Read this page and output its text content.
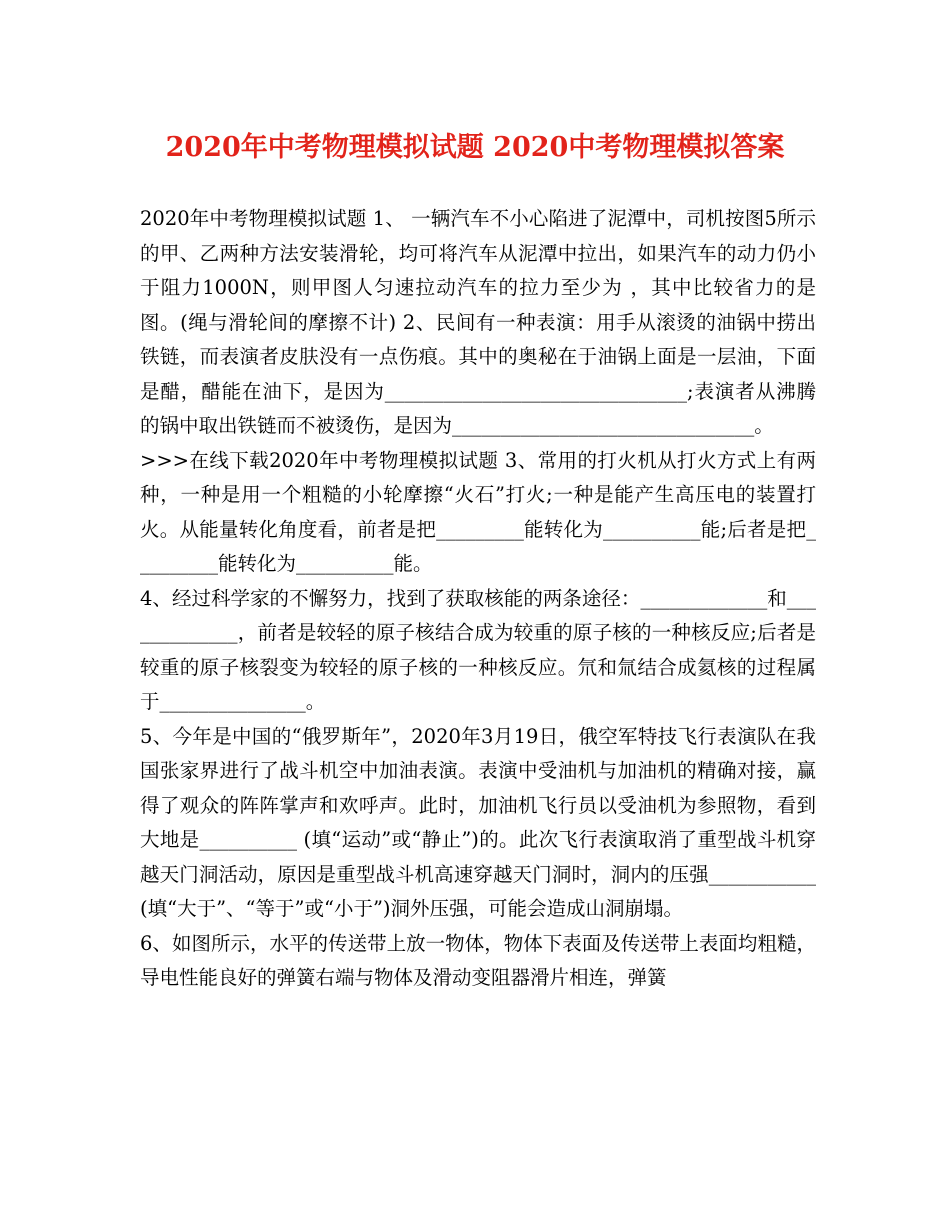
2020年中考物理模拟试题 2020中考物理模拟答案

2020年中考物理模拟试题 1、 一辆汽车不小心陷进了泥潭中，司机按图5所示的甲、乙两种方法安装滑轮，均可将汽车从泥潭中拉出，如果汽车的动力仍小于阻力1000N，则甲图人匀速拉动汽车的拉力至少为 ，其中比较省力的是 图。(绳与滑轮间的摩擦不计) 2、民间有一种表演：用手从滚烫的油锅中捞出铁链，而表演者皮肤没有一点伤痕。其中的奥秘在于油锅上面是一层油，下面是醋，醋能在油下，是因为_______________________________;表演者从沸腾的锅中取出铁链而不被烫伤，是因为_______________________________。

>>>在线下载2020年中考物理模拟试题 3、常用的打火机从打火方式上有两种，一种是用一个粗糙的小轮摩擦“火石”打火;一种是能产生高压电的装置打火。从能量转化角度看，前者是把_________能转化为__________能;后者是把_________能转化为__________能。

4、经过科学家的不懈努力，找到了获取核能的两条途径：_____________和_____________，前者是较轻的原子核结合成为较重的原子核的一种核反应;后者是较重的原子核裂变为较轻的原子核的一种核反应。氘和氚结合成氦核的过程属于_______________。

5、今年是中国的“俄罗斯年”，2020年3月19日，俄空军特技飞行表演队在我国张家界进行了战斗机空中加油表演。表演中受油机与加油机的精确对接，赢得了观众的阵阵掌声和欢呼声。此时，加油机飞行员以受油机为参照物，看到大地是__________ (填“运动”或“静止”)的。此次飞行表演取消了重型战斗机穿越天门洞活动，原因是重型战斗机高速穿越天门洞时，洞内的压强___________ (填“大于”、“等于”或“小于”)洞外压强，可能会造成山洞崩塌。

6、如图所示，水平的传送带上放一物体，物体下表面及传送带上表面均粗糙，导电性能良好的弹簧右端与物体及滑动变阻器滑片相连，弹簧
